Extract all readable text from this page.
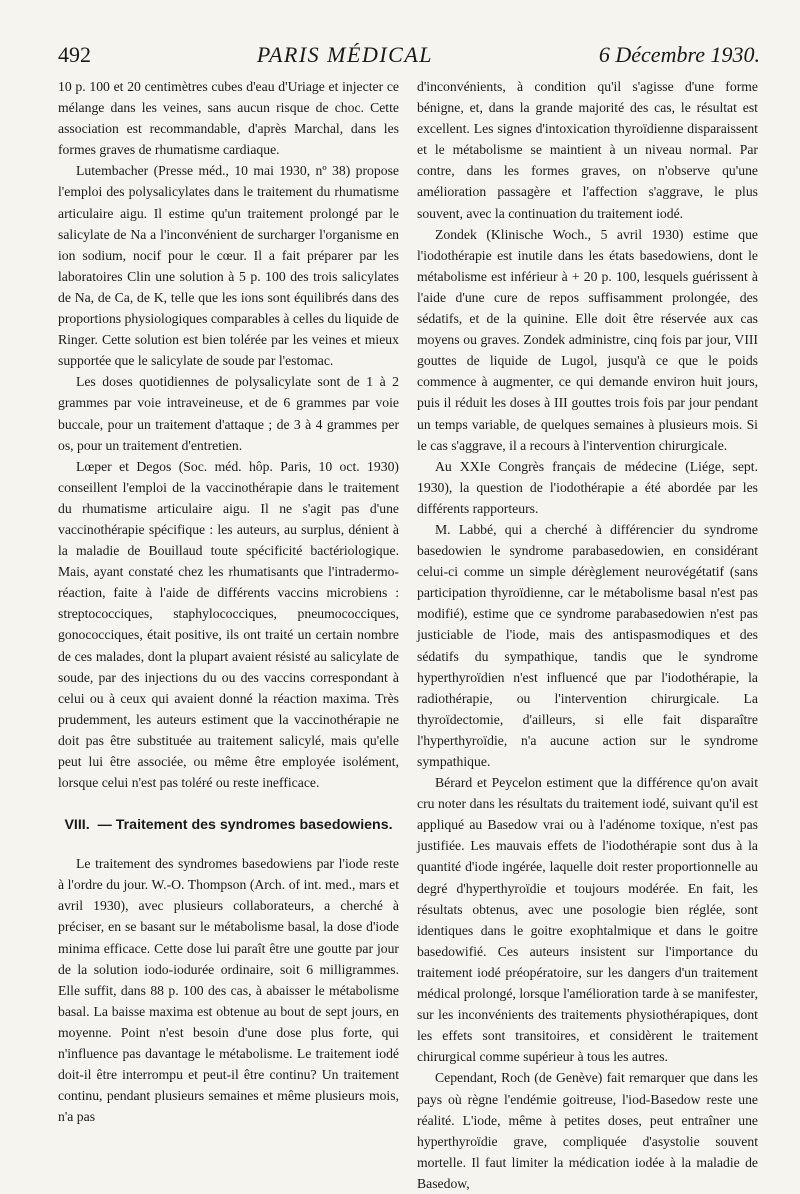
492	PARIS MÉDICAL	6 Décembre 1930.

10 p. 100 et 20 centimètres cubes d'eau d'Uriage et injecter ce mélange dans les veines, sans aucun risque de choc. Cette association est recommandable, d'après Marchal, dans les formes graves de rhumatisme cardiaque.

Lutembacher (Presse méd., 10 mai 1930, nº 38) propose l'emploi des polysalicylates dans le traitement du rhumatisme articulaire aigu. Il estime qu'un traitement prolongé par le salicylate de Na a l'inconvénient de surcharger l'organisme en ion sodium, nocif pour le cœur. Il a fait préparer par les laboratoires Clin une solution à 5 p. 100 des trois salicylates de Na, de Ca, de K, telle que les ions sont équilibrés dans des proportions physiologiques comparables à celles du liquide de Ringer. Cette solution est bien tolérée par les veines et mieux supportée que le salicylate de soude par l'estomac.

Les doses quotidiennes de polysalicylate sont de 1 à 2 grammes par voie intraveineuse, et de 6 grammes par voie buccale, pour un traitement d'attaque ; de 3 à 4 grammes per os, pour un traitement d'entretien.

Lœper et Degos (Soc. méd. hôp. Paris, 10 oct. 1930) conseillent l'emploi de la vaccinothérapie dans le traitement du rhumatisme articulaire aigu. Il ne s'agit pas d'une vaccinothérapie spécifique : les auteurs, au surplus, dénient à la maladie de Bouillaud toute spécificité bactériologique. Mais, ayant constaté chez les rhumatisants que l'intradermo-réaction, faite à l'aide de différents vaccins microbiens : streptococciques, staphylococciques, pneumococciques, gonococciques, était positive, ils ont traité un certain nombre de ces malades, dont la plupart avaient résisté au salicylate de soude, par des injections du ou des vaccins correspondant à celui ou à ceux qui avaient donné la réaction maxima. Très prudemment, les auteurs estiment que la vaccinothérapie ne doit pas être substituée au traitement salicylé, mais qu'elle peut lui être associée, ou même être employée isolément, lorsque celui n'est pas toléré ou reste inefficace.

VIII. — Traitement des syndromes basedowiens.

Le traitement des syndromes basedowiens par l'iode reste à l'ordre du jour. W.-O. Thompson (Arch. of int. med., mars et avril 1930), avec plusieurs collaborateurs, a cherché à préciser, en se basant sur le métabolisme basal, la dose d'iode minima efficace. Cette dose lui paraît être une goutte par jour de la solution iodo-iodurée ordinaire, soit 6 milligrammes. Elle suffit, dans 88 p. 100 des cas, à abaisser le métabolisme basal. La baisse maxima est obtenue au bout de sept jours, en moyenne. Point n'est besoin d'une dose plus forte, qui n'influence pas davantage le métabolisme. Le traitement iodé doit-il être interrompu et peut-il être continu? Un traitement continu, pendant plusieurs semaines et même plusieurs mois, n'a pas

d'inconvénients, à condition qu'il s'agisse d'une forme bénigne, et, dans la grande majorité des cas, le résultat est excellent. Les signes d'intoxication thyroïdienne disparaissent et le métabolisme se maintient à un niveau normal. Par contre, dans les formes graves, on n'observe qu'une amélioration passagère et l'affection s'aggrave, le plus souvent, avec la continuation du traitement iodé.

Zondek (Klinische Woch., 5 avril 1930) estime que l'iodothérapie est inutile dans les états basedowiens, dont le métabolisme est inférieur à + 20 p. 100, lesquels guérissent à l'aide d'une cure de repos suffisamment prolongée, des sédatifs, et de la quinine. Elle doit être réservée aux cas moyens ou graves. Zondek administre, cinq fois par jour, VIII gouttes de liquide de Lugol, jusqu'à ce que le poids commence à augmenter, ce qui demande environ huit jours, puis il réduit les doses à III gouttes trois fois par jour pendant un temps variable, de quelques semaines à plusieurs mois. Si le cas s'aggrave, il a recours à l'intervention chirurgicale.

Au XXIe Congrès français de médecine (Liége, sept. 1930), la question de l'iodothérapie a été abordée par les différents rapporteurs.

M. Labbé, qui a cherché à différencier du syndrome basedowien le syndrome parabasedowien, en considérant celui-ci comme un simple dérèglement neurovégétatif (sans participation thyroïdienne, car le métabolisme basal n'est pas modifié), estime que ce syndrome parabasedowien n'est pas justiciable de l'iode, mais des antispasmodiques et des sédatifs du sympathique, tandis que le syndrome hyperthyroïdien n'est influencé que par l'iodothérapie, la radiothérapie, ou l'intervention chirurgicale. La thyroïdectomie, d'ailleurs, si elle fait disparaître l'hyperthyroïdie, n'a aucune action sur le syndrome sympathique.

Bérard et Peycelon estiment que la différence qu'on avait cru noter dans les résultats du traitement iodé, suivant qu'il est appliqué au Basedow vrai ou à l'adénome toxique, n'est pas justifiée. Les mauvais effets de l'iodothérapie sont dus à la quantité d'iode ingérée, laquelle doit rester proportionnelle au degré d'hyperthyroïdie et toujours modérée. En fait, les résultats obtenus, avec une posologie bien réglée, sont identiques dans le goitre exophtalmique et dans le goitre basedowifié. Ces auteurs insistent sur l'importance du traitement iodé préopératoire, sur les dangers d'un traitement médical prolongé, lorsque l'amélioration tarde à se manifester, sur les inconvénients des traitements physiothérapiques, dont les effets sont transitoires, et considèrent le traitement chirurgical comme supérieur à tous les autres.

Cependant, Roch (de Genève) fait remarquer que dans les pays où règne l'endémie goitreuse, l'iod-Basedow reste une réalité. L'iode, même à petites doses, peut entraîner une hyperthyroïdie grave, compliquée d'asystolie souvent mortelle. Il faut limiter la médication iodée à la maladie de Basedow,
